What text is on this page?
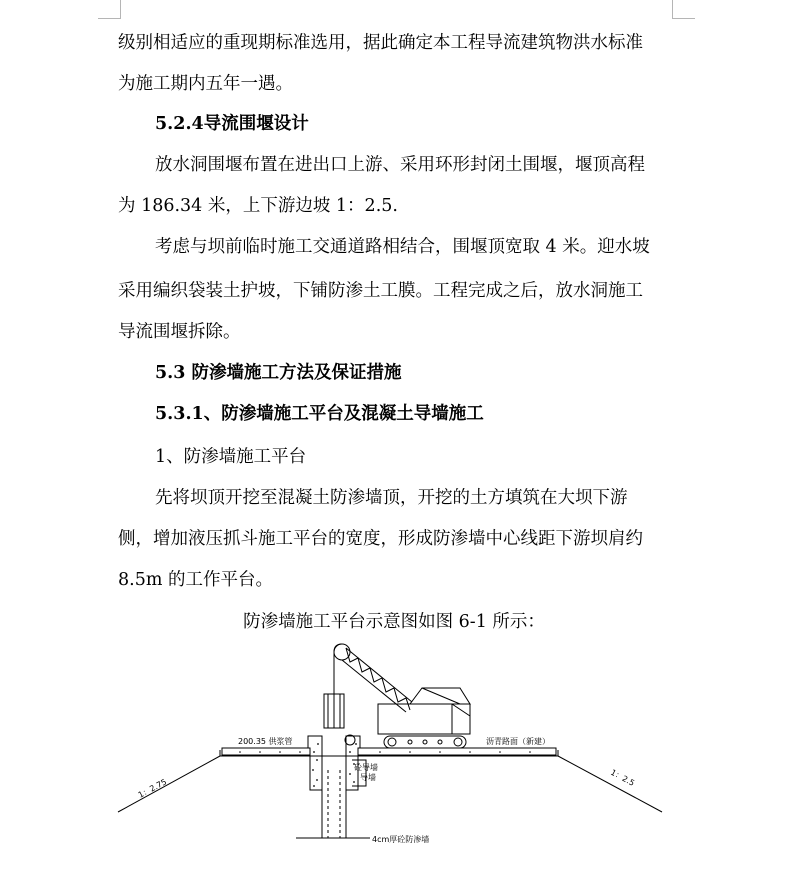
级别相适应的重现期标准选用，据此确定本工程导流建筑物洪水标准
为施工期内五年一遇。
5.2.4导流围堰设计
放水洞围堰布置在进出口上游、采用环形封闭土围堰，堰顶高程
为 186.34 米，上下游边坡 1：2.5.
考虑与坝前临时施工交通道路相结合，围堰顶宽取 4 米。迎水坡
采用编织袋装土护坡，下铺防渗土工膜。工程完成之后，放水洞施工
导流围堰拆除。
5.3 防渗墙施工方法及保证措施
5.3.1、防渗墙施工平台及混凝土导墙施工
1、防渗墙施工平台
先将坝顶开挖至混凝土防渗墙顶，开挖的土方填筑在大坝下游
侧，增加液压抓斗施工平台的宽度，形成防渗墙中心线距下游坝肩约
8.5m 的工作平台。
防渗墙施工平台示意图如图 6-1 所示：
200.35 供浆管	沥青路面（新建）
砼导墙
导墙
1：2.75	1：2.5
4cm厚砼防渗墙
